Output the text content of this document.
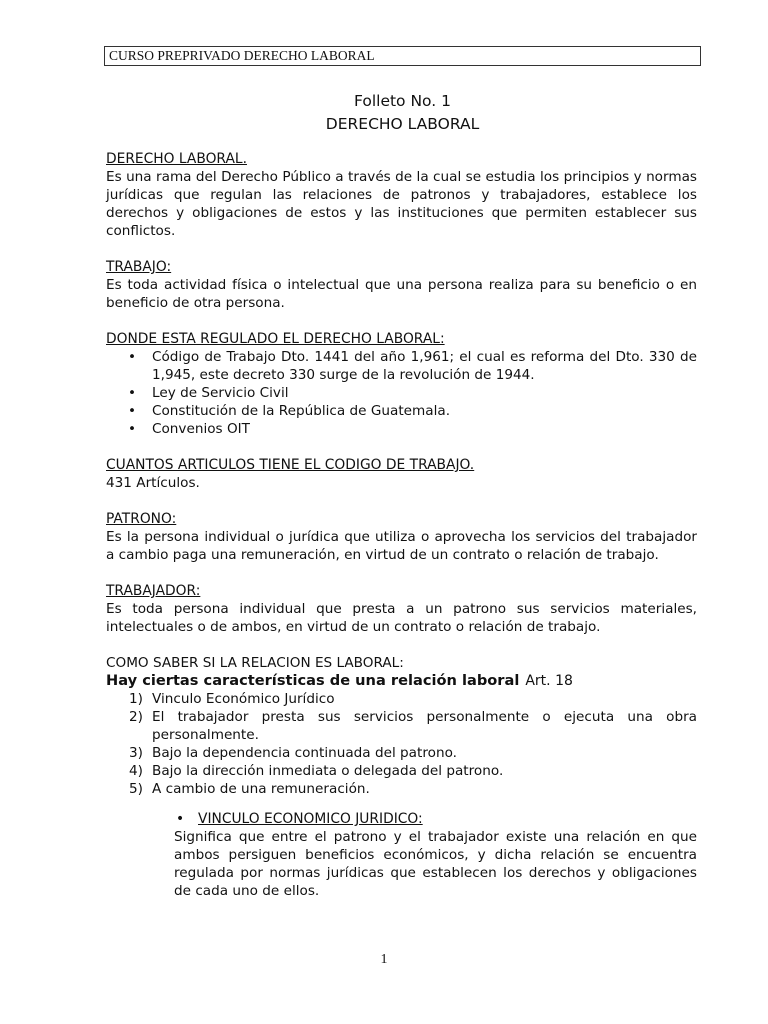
CURSO PREPRIVADO DERECHO LABORAL
Folleto No. 1
DERECHO LABORAL
DERECHO LABORAL.
Es una rama del Derecho Público a través de la cual se estudia los principios y normas jurídicas que regulan las relaciones de patronos y trabajadores, establece los derechos y obligaciones de estos y las instituciones que permiten establecer sus conflictos.
TRABAJO:
Es toda actividad física o intelectual que una persona realiza para su beneficio o en beneficio de otra persona.
DONDE ESTA REGULADO EL DERECHO LABORAL:
• Código de Trabajo Dto. 1441 del año 1,961; el cual es reforma del Dto. 330 de 1,945, este decreto 330 surge de la revolución de 1944.
• Ley de Servicio Civil
• Constitución de la República de Guatemala.
• Convenios OIT
CUANTOS ARTICULOS TIENE EL CODIGO DE TRABAJO.
431 Artículos.
PATRONO:
Es la persona individual o jurídica que utiliza o aprovecha los servicios del trabajador a cambio paga una remuneración, en virtud de un contrato o relación de trabajo.
TRABAJADOR:
Es toda persona individual que presta a un patrono sus servicios materiales, intelectuales o de ambos, en virtud de un contrato o relación de trabajo.
COMO SABER SI LA RELACION ES LABORAL:
Hay ciertas características de una relación laboral Art. 18
1) Vinculo Económico Jurídico
2) El trabajador presta sus servicios personalmente o ejecuta una obra personalmente.
3) Bajo la dependencia continuada del patrono.
4) Bajo la dirección inmediata o delegada del patrono.
5) A cambio de una remuneración.
• VINCULO ECONOMICO JURIDICO:
Significa que entre el patrono y el trabajador existe una relación en que ambos persiguen beneficios económicos, y dicha relación se encuentra regulada por normas jurídicas que establecen los derechos y obligaciones de cada uno de ellos.
1
